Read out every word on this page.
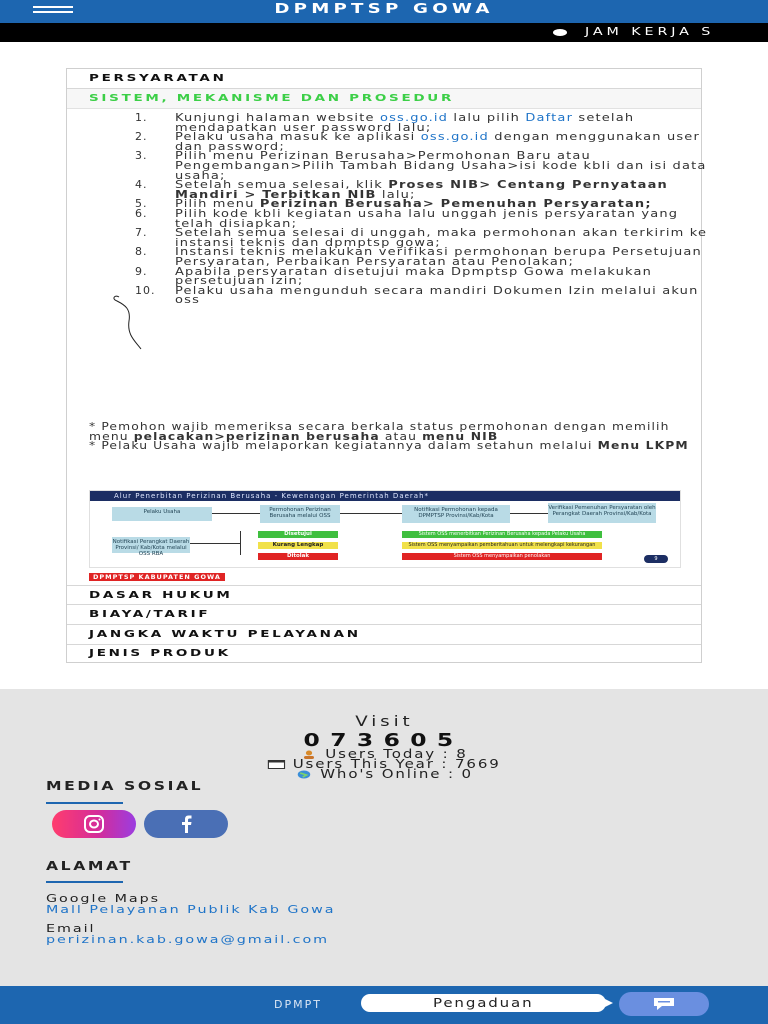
DPMPTSP GOWA
JAM KERJA S
PERSYARATAN
SISTEM, MEKANISME DAN PROSEDUR
1.	Kunjungi halaman website oss.go.id lalu pilih Daftar setelah mendapatkan user password lalu;
2.	Pelaku usaha masuk ke aplikasi oss.go.id dengan menggunakan user dan password;
3.	Pilih menu Perizinan Berusaha>Permohonan Baru atau Pengembangan>Pilih Tambah Bidang Usaha>isi kode kbli dan isi data usaha;
4.	Setelah semua selesai, klik Proses NIB> Centang Pernyataan Mandiri > Terbitkan NIB lalu;
5.	Pilih menu Perizinan Berusaha> Pemenuhan Persyaratan;
6.	Pilih kode kbli kegiatan usaha lalu unggah jenis persyaratan yang telah disiapkan;
7.	Setelah semua selesai di unggah, maka permohonan akan terkirim ke instansi teknis dan dpmptsp gowa;
8.	Instansi teknis melakukan verifikasi permohonan berupa Persetujuan Persyaratan, Perbaikan Persyaratan atau Penolakan;
9.	Apabila persyaratan disetujui maka Dpmptsp Gowa melakukan persetujuan izin;
10.	Pelaku usaha mengunduh secara mandiri Dokumen Izin melalui akun oss

* Pemohon wajib memeriksa secara berkala status permohonan dengan memilih menu pelacakan>perizinan berusaha atau menu NIB

* Pelaku Usaha wajib melaporkan kegiatannya dalam setahun melalui Menu LKPM

Alur Penerbitan Perizinan Berusaha - Kewenangan Pemerintah Daerah*
Pelaku Usaha	Permohonan Perizinan Berusaha melalui OSS
Notifikasi Permohonan kepada DPMPTSP Provinsi/Kab/Kota
Verifikasi Pemenuhan Persyaratan oleh Perangkat Daerah Provinsi/Kab/Kota
Notifikasi Perangkat Daerah Provinsi/ Kab/Kota melalui OSS RBA
Disetujui
Kurang Lengkap
Ditolak
Sistem OSS menerbitkan Perizinan Berusaha kepada Pelaku Usaha
Sistem OSS menyampaikan pemberitahuan untuk melengkapi kekurangan
Sistem OSS menyampaikan penolakan	9
DPMPTSP KABUPATEN GOWA
DASAR HUKUM
BIAYA/TARIF
JANGKA WAKTU PELAYANAN
JENIS PRODUK
Visit
073605
Users Today : 8
Users This Year : 7669
Who's Online : 0
MEDIA SOSIAL
ALAMAT
Google Maps
Mall Pelayanan Publik Kab Gowa
Email
perizinan.kab.gowa@gmail.com
DPMPT	Pengaduan
